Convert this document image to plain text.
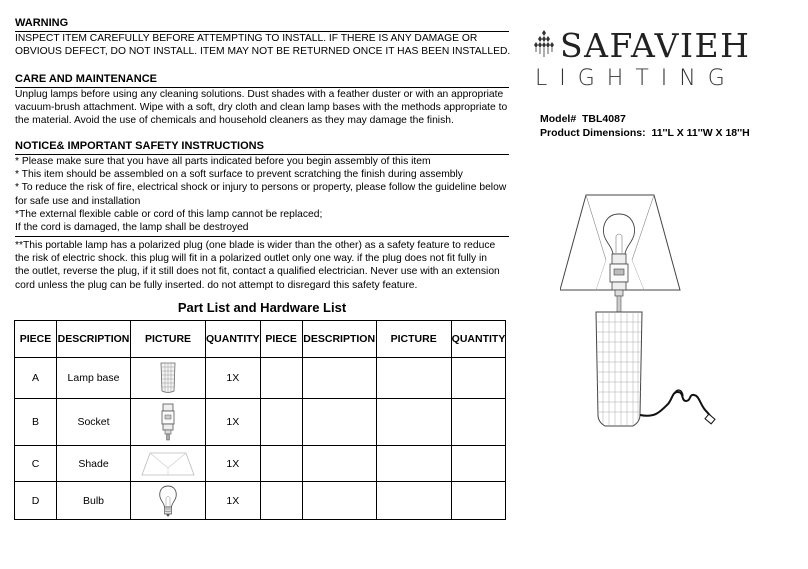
WARNING
INSPECT ITEM CAREFULLY BEFORE ATTEMPTING TO INSTALL. IF THERE IS ANY DAMAGE OR
OBVIOUS DEFECT, DO NOT INSTALL. ITEM MAY NOT BE RETURNED ONCE IT HAS BEEN INSTALLED.
CARE AND MAINTENANCE
Unplug lamps before using any cleaning solutions. Dust shades with a feather duster or with an appropriate
vacuum-brush attachment. Wipe with a soft, dry cloth and clean lamp bases with the methods appropriate to
the material. Avoid the use of chemicals and household cleaners as they may damage the finish.
NOTICE& IMPORTANT SAFETY INSTRUCTIONS
* Please make sure that you have all parts indicated before you begin assembly of this item
* This item should be assembled on a soft surface to prevent scratching the finish during assembly
* To reduce the risk of fire, electrical shock or injury to persons or property, please follow the guideline below
for safe use and installation
*The external flexible cable or cord of this lamp cannot be replaced;
If the cord is damaged, the lamp shall be destroyed
**This portable lamp has a polarized plug (one blade is wider than the other) as a safety feature to reduce
the risk of electric shock. this plug will fit in a polarized outlet only one way. if the plug does not fit fully in
the outlet, reverse the plug, if it still does not fit, contact a qualified electrician. Never use with an extension
cord unless the plug can be fully inserted. do not attempt to disregard this safety feature.
Part List and Hardware List
PIECE	DESCRIPTION	PICTURE	QUANTITY	PIECE	DESCRIPTION	PICTURE	QUANTITY
A	Lamp base		1X				
B	Socket		1X				
C	Shade		1X				
D	Bulb		1X				
SAFAVIEH
LIGHTING
Model# TBL4087
Product Dimensions: 11''L X 11''W X 18''H
